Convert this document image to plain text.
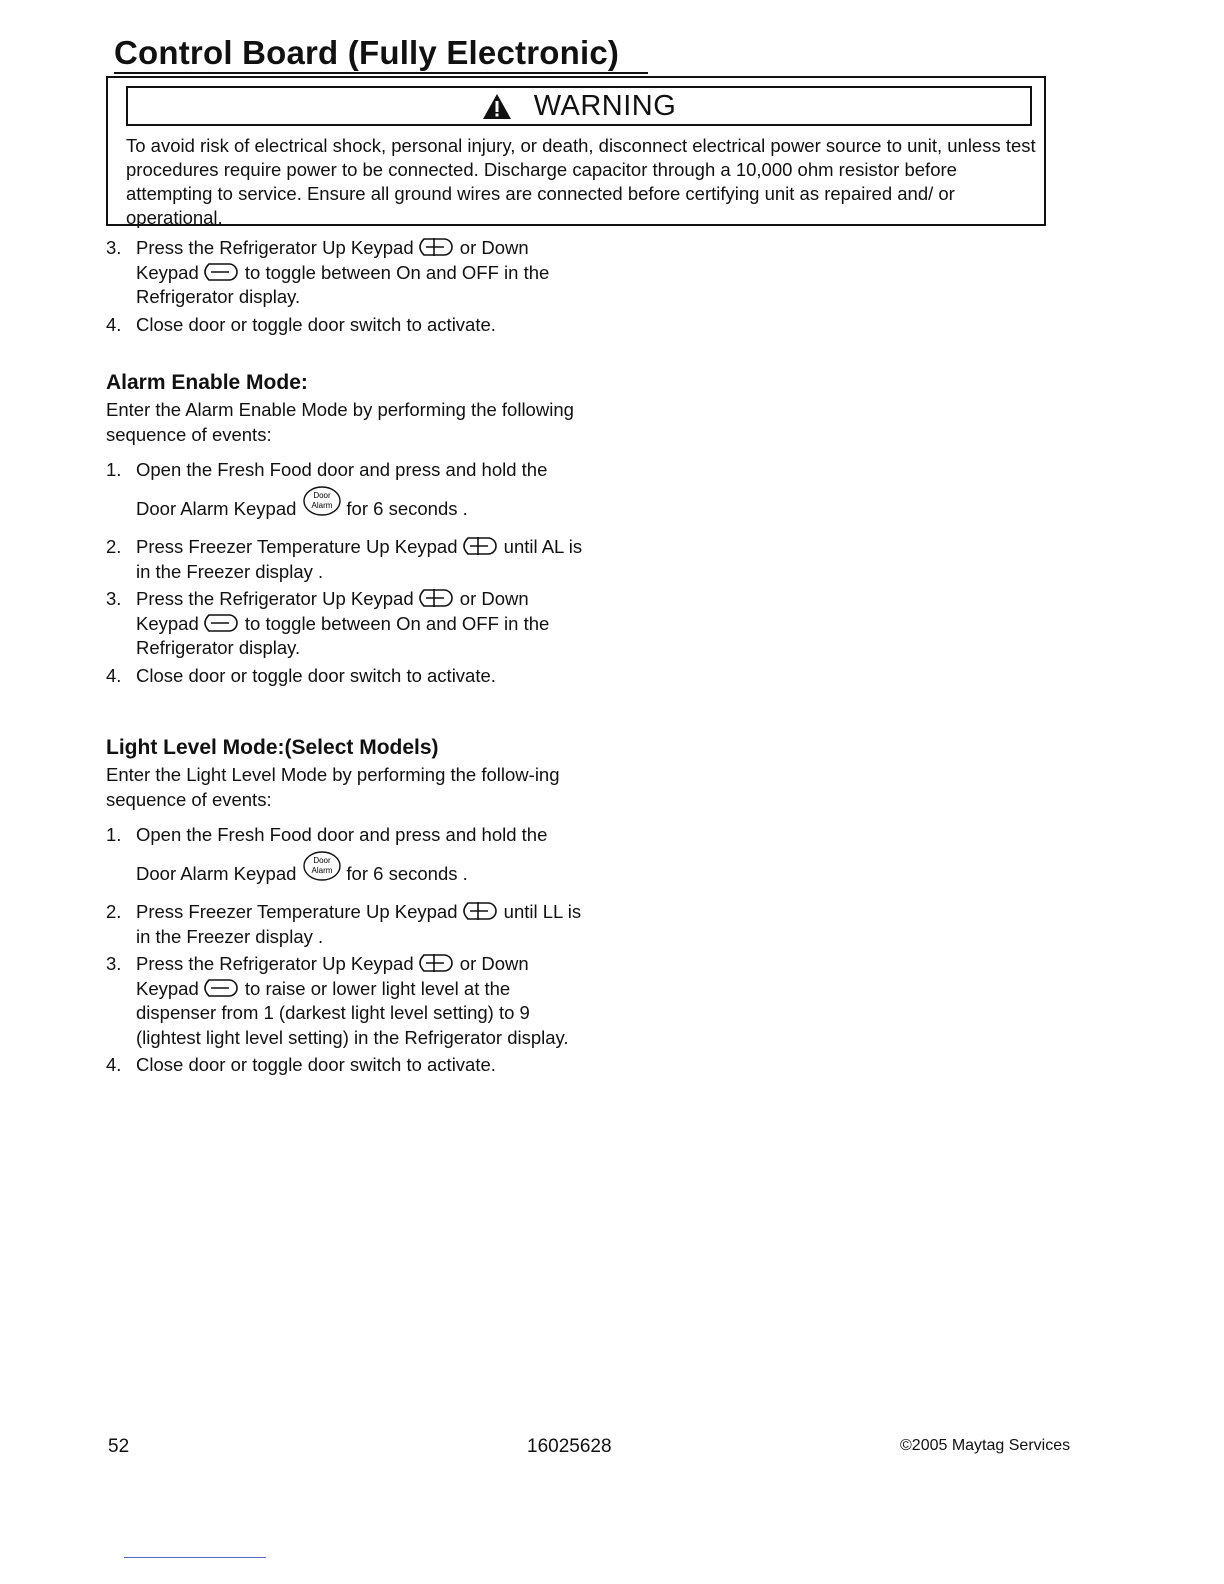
Control Board (Fully Electronic)
WARNING
To avoid risk of electrical shock, personal injury, or death, disconnect electrical power source to unit, unless test procedures require power to be connected. Discharge capacitor through a 10,000 ohm resistor before attempting to service. Ensure all ground wires are connected before certifying unit as repaired and/ or operational.
3. Press the Refrigerator Up Keypad
or Down Keypad
to toggle between On and OFF in the Refrigerator display.
4. Close door or toggle door switch to activate.
Alarm Enable Mode:

Enter the Alarm Enable Mode by performing the following sequence of events:

1. Open the Fresh Food door and press and hold the Door Alarm Keypad
Door
Alarm for 6 seconds .
2. Press Freezer Temperature Up Keypad
until AL is in the Freezer display .
3. Press the Refrigerator Up Keypad
or Down Keypad
to toggle between On and OFF in the Refrigerator display.
4. Close door or toggle door switch to activate.
Light Level Mode:(Select Models)

Enter the Light Level Mode by performing the follow-ing sequence of events:

1. Open the Fresh Food door and press and hold the Door Alarm Keypad
Door
Alarm for 6 seconds .
2. Press Freezer Temperature Up Keypad
until LL is in the Freezer display .
3. Press the Refrigerator Up Keypad
or Down Keypad
to raise or lower light level at the dispenser from 1 (darkest light level setting) to 9 (lightest light level setting) in the Refrigerator display.
4. Close door or toggle door switch to activate.
52	16025628	©2005 Maytag Services
